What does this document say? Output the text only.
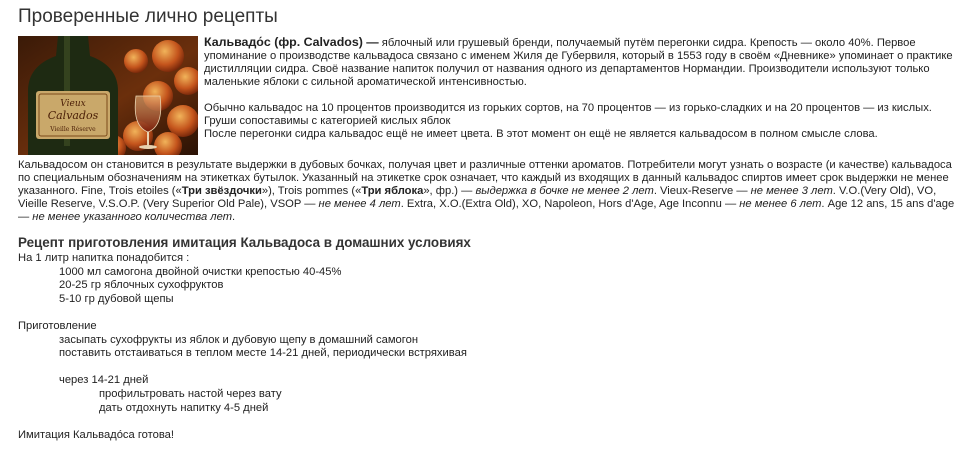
Проверенные лично рецепты
Vieux
Calvados
Vieille Réserve

Кальвадо́с (фр. Calvados) — яблочный или грушевый бренди, получаемый путём перегонки сидра. Крепость — около 40%. Первое упоминание о производстве кальвадоса связано с именем Жиля де Губервиля, который в 1553 году в своём «Дневнике» упоминает о практике дистилляции сидра. Своё название напиток получил от названия одного из департаментов Нормандии. Производители используют только маленькие яблоки с сильной ароматической интенсивностью.

Обычно кальвадос на 10 процентов производится из горьких сортов, на 70 процентов — из горько-сладких и на 20 процентов — из кислых. Груши сопоставимы с категорией кислых яблок

После перегонки сидра кальвадос ещё не имеет цвета. В этот момент он ещё не является кальвадосом в полном смысле слова.

Кальвадосом он становится в результате выдержки в дубовых бочках, получая цвет и различные оттенки ароматов. Потребители могут узнать о возрасте (и качестве) кальвадоса по специальным обозначениям на этикетках бутылок. Указанный на этикетке срок означает, что каждый из входящих в данный кальвадос спиртов имеет срок выдержки не менее указанного. Fine, Trois etoiles («Три звёздочки»), Trois pommes («Три яблока», фр.) — выдержка в бочке не менее 2 лет. Vieux-Reserve — не менее 3 лет. V.O.(Very Old), VO, Vieille Reserve, V.S.O.P. (Very Superior Old Pale), VSOP — не менее 4 лет. Extra, X.O.(Extra Old), XO, Napoleon, Hors d'Age, Age Inconnu — не менее 6 лет. Age 12 ans, 15 ans d'age — не менее указанного количества лет.

Рецепт приготовления имитация Кальвадоса в домашних условиях
На 1 литр напитка понадобится :
1000 мл самогона двойной очистки крепостью 40-45%
20-25 гр яблочных сухофруктов
5-10 гр дубовой щепы
Приготовление
засыпать сухофрукты из яблок и дубовую щепу в домашний самогон
поставить отстаиваться в теплом месте 14-21 дней, периодически встряхивая
через 14-21 дней
профильтровать настой через вату
дать отдохнуть напитку 4-5 дней
Имитация Кальвадо́са готова!
